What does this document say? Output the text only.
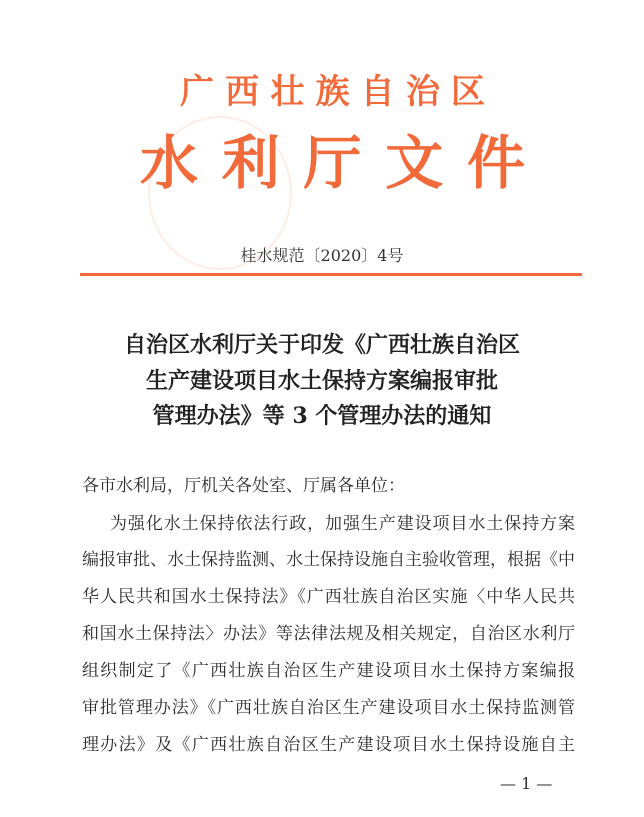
广西壮族自治区
水利厅文件
桂水规范〔2020〕4号
自治区水利厅关于印发《广西壮族自治区
生产建设项目水土保持方案编报审批
管理办法》等 3 个管理办法的通知
各市水利局，厅机关各处室、厅属各单位：
为强化水土保持依法行政，加强生产建设项目水土保持方案
编报审批、水土保持监测、水土保持设施自主验收管理，根据《中
华人民共和国水土保持法》《广西壮族自治区实施〈中华人民共
和国水土保持法〉办法》等法律法规及相关规定，自治区水利厅
组织制定了《广西壮族自治区生产建设项目水土保持方案编报
审批管理办法》《广西壮族自治区生产建设项目水土保持监测管
理办法》及《广西壮族自治区生产建设项目水土保持设施自主
— 1 —
